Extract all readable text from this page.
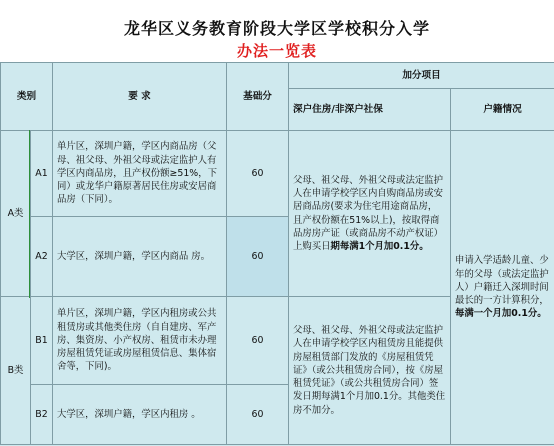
龙华区义务教育阶段大学区学校积分入学
办法一览表
类别		要 求	基础分	加分项目	
				深户住房/非深户社保	户籍情况
A类	A1	单片区，深圳户籍，学区内商品房（父母、祖父母、外祖父母或法定监护人有学区内商品房，且产权份额≥51%，下同）或龙华户籍原著居民住房或安居商品房（下同）。	60	父母、祖父母、外祖父母或法定监护人在申请学校学区内自购商品房或安居商品房(要求为住宅用途商品房，且产权份额在51%以上)，按取得商品房房产证（或商品房不动产权证）上购买日期每满1个月加0.1分。	申请入学适龄儿童、少年的父母（或法定监护人）户籍迁入深圳时间最长的一方计算积分，每满一个月加0.1分。
	A2	大学区，深圳户籍，学区内商品 房。	60		
B类	B1	单片区，深圳户籍，学区内租房或公共租赁房或其他类住房（自自建房、军产房、集资房、小产权房、租赁市未办理房屋租赁凭证或房屋租赁信息、集体宿舍等，下同)。	60	父母、祖父母、外祖父母或法定监护人在申请学校学区内租赁房且能提供房屋租赁部门发放的《房屋租赁凭证》（或公共租赁房合同），按《房屋租赁凭证》（或公共租赁房合同）签发日期每满1个月加0.1分。其他类住房不加分。	
	B2	大学区，深圳户籍，学区内租房 。	60		
